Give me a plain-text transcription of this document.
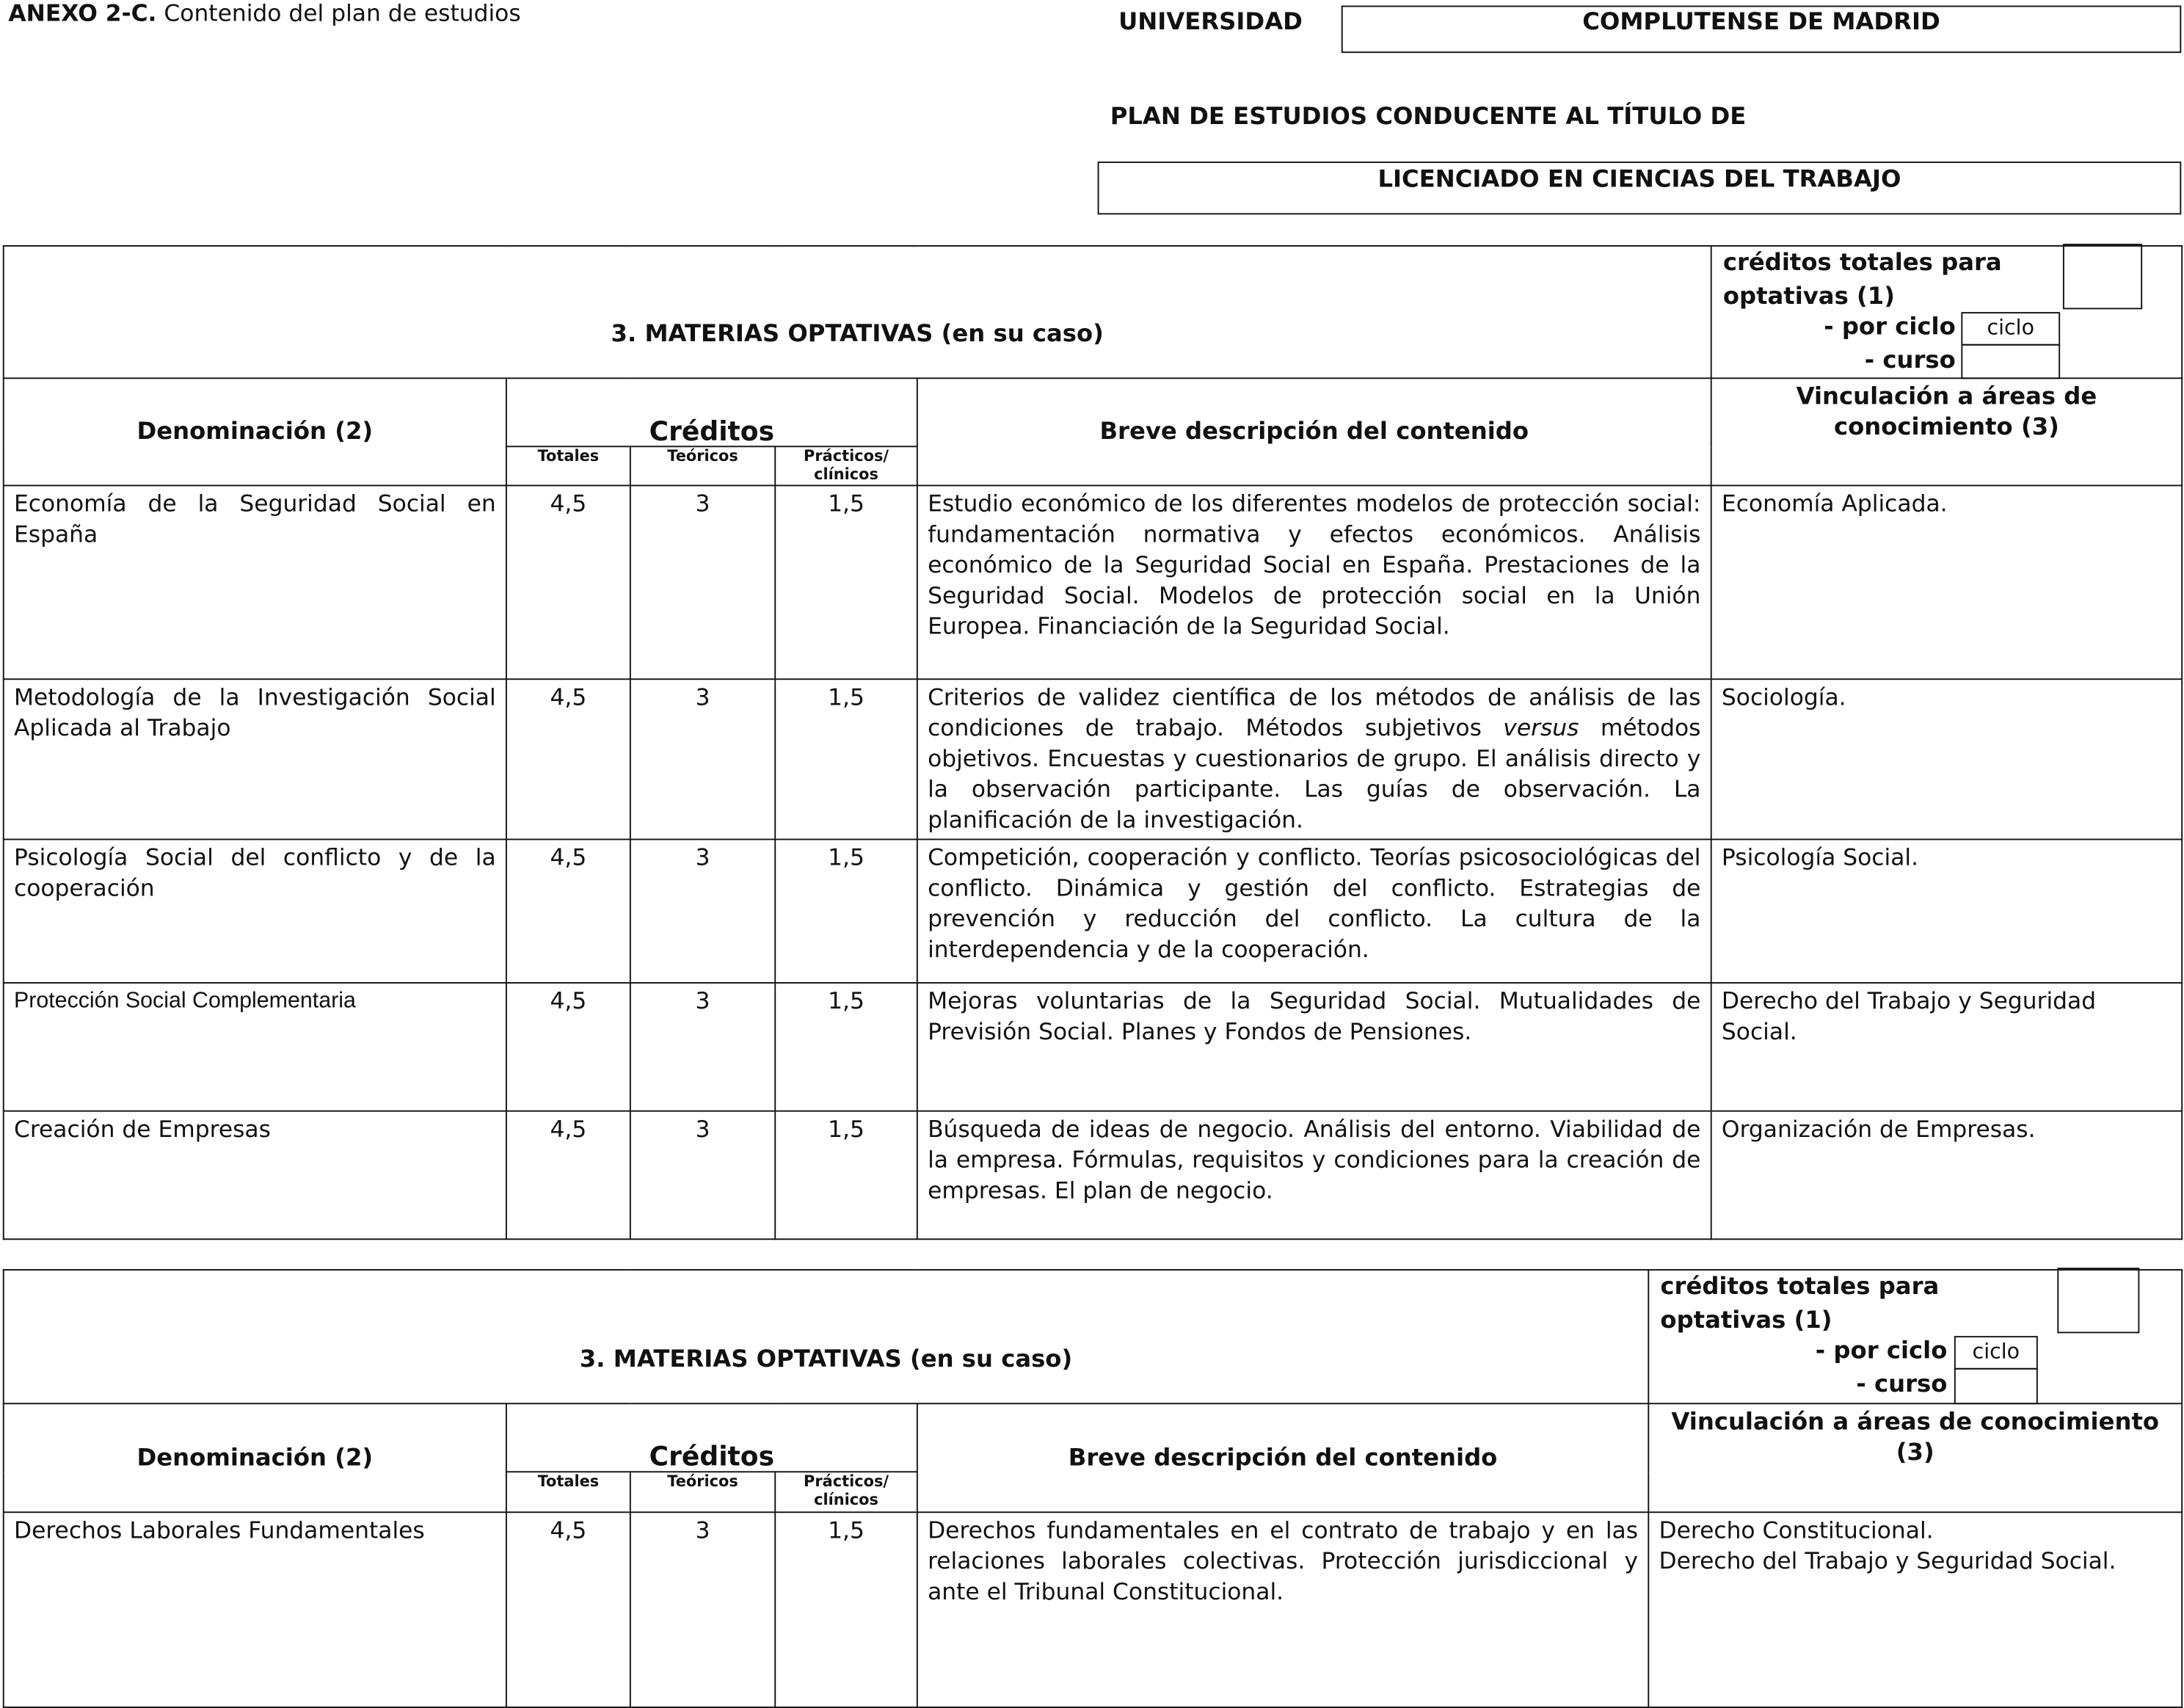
ANEXO 2-C. Contenido del plan de estudios	UNIVERSIDAD	COMPLUTENSE DE MADRID
PLAN DE ESTUDIOS CONDUCENTE AL TÍTULO DE
LICENCIADO EN CIENCIAS DEL TRABAJO
3. MATERIAS OPTATIVAS (en su caso)					créditos totales para
optativas (1)
- por ciclo ciclo
- curso

Denominación (2)	Créditos			Breve descripción del contenido	Vinculación a áreas de conocimiento (3)
	Totales	Teóricos	Prácticos/ clínicos		
Economía de la Seguridad Social en España	4,5	3	1,5	Estudio económico de los diferentes modelos de protección social: fundamentación normativa y efectos económicos. Análisis económico de la Seguridad Social en España. Prestaciones de la Seguridad Social. Modelos de protección social en la Unión Europea. Financiación de la Seguridad Social.	Economía Aplicada.
Metodología de la Investigación Social Aplicada al Trabajo	4,5	3	1,5	Criterios de validez científica de los métodos de análisis de las condiciones de trabajo. Métodos subjetivos versus métodos objetivos. Encuestas y cuestionarios de grupo. El análisis directo y la observación participante. Las guías de observación. La planificación de la investigación.	Sociología.
Psicología Social del conflicto y de la cooperación	4,5	3	1,5	Competición, cooperación y conflicto. Teorías psicosociológicas del conflicto. Dinámica y gestión del conflicto. Estrategias de prevención y reducción del conflicto. La cultura de la interdependencia y de la cooperación.	Psicología Social.
Protección Social Complementaria	4,5	3	1,5	Mejoras voluntarias de la Seguridad Social. Mutualidades de Previsión Social. Planes y Fondos de Pensiones.	Derecho del Trabajo y Seguridad Social.
Creación de Empresas	4,5	3	1,5	Búsqueda de ideas de negocio. Análisis del entorno. Viabilidad de la empresa. Fórmulas, requisitos y condiciones para la creación de empresas. El plan de negocio.	Organización de Empresas.
3. MATERIAS OPTATIVAS (en su caso)					créditos totales para
optativas (1)
- por ciclo ciclo
- curso

Denominación (2)	Créditos			Breve descripción del contenido	Vinculación a áreas de conocimiento (3)
	Totales	Teóricos	Prácticos/ clínicos		
Derechos Laborales Fundamentales	4,5	3	1,5	Derechos fundamentales en el contrato de trabajo y en las relaciones laborales colectivas. Protección jurisdiccional y ante el Tribunal Constitucional.	Derecho Constitucional.
Derecho del Trabajo y Seguridad Social.
